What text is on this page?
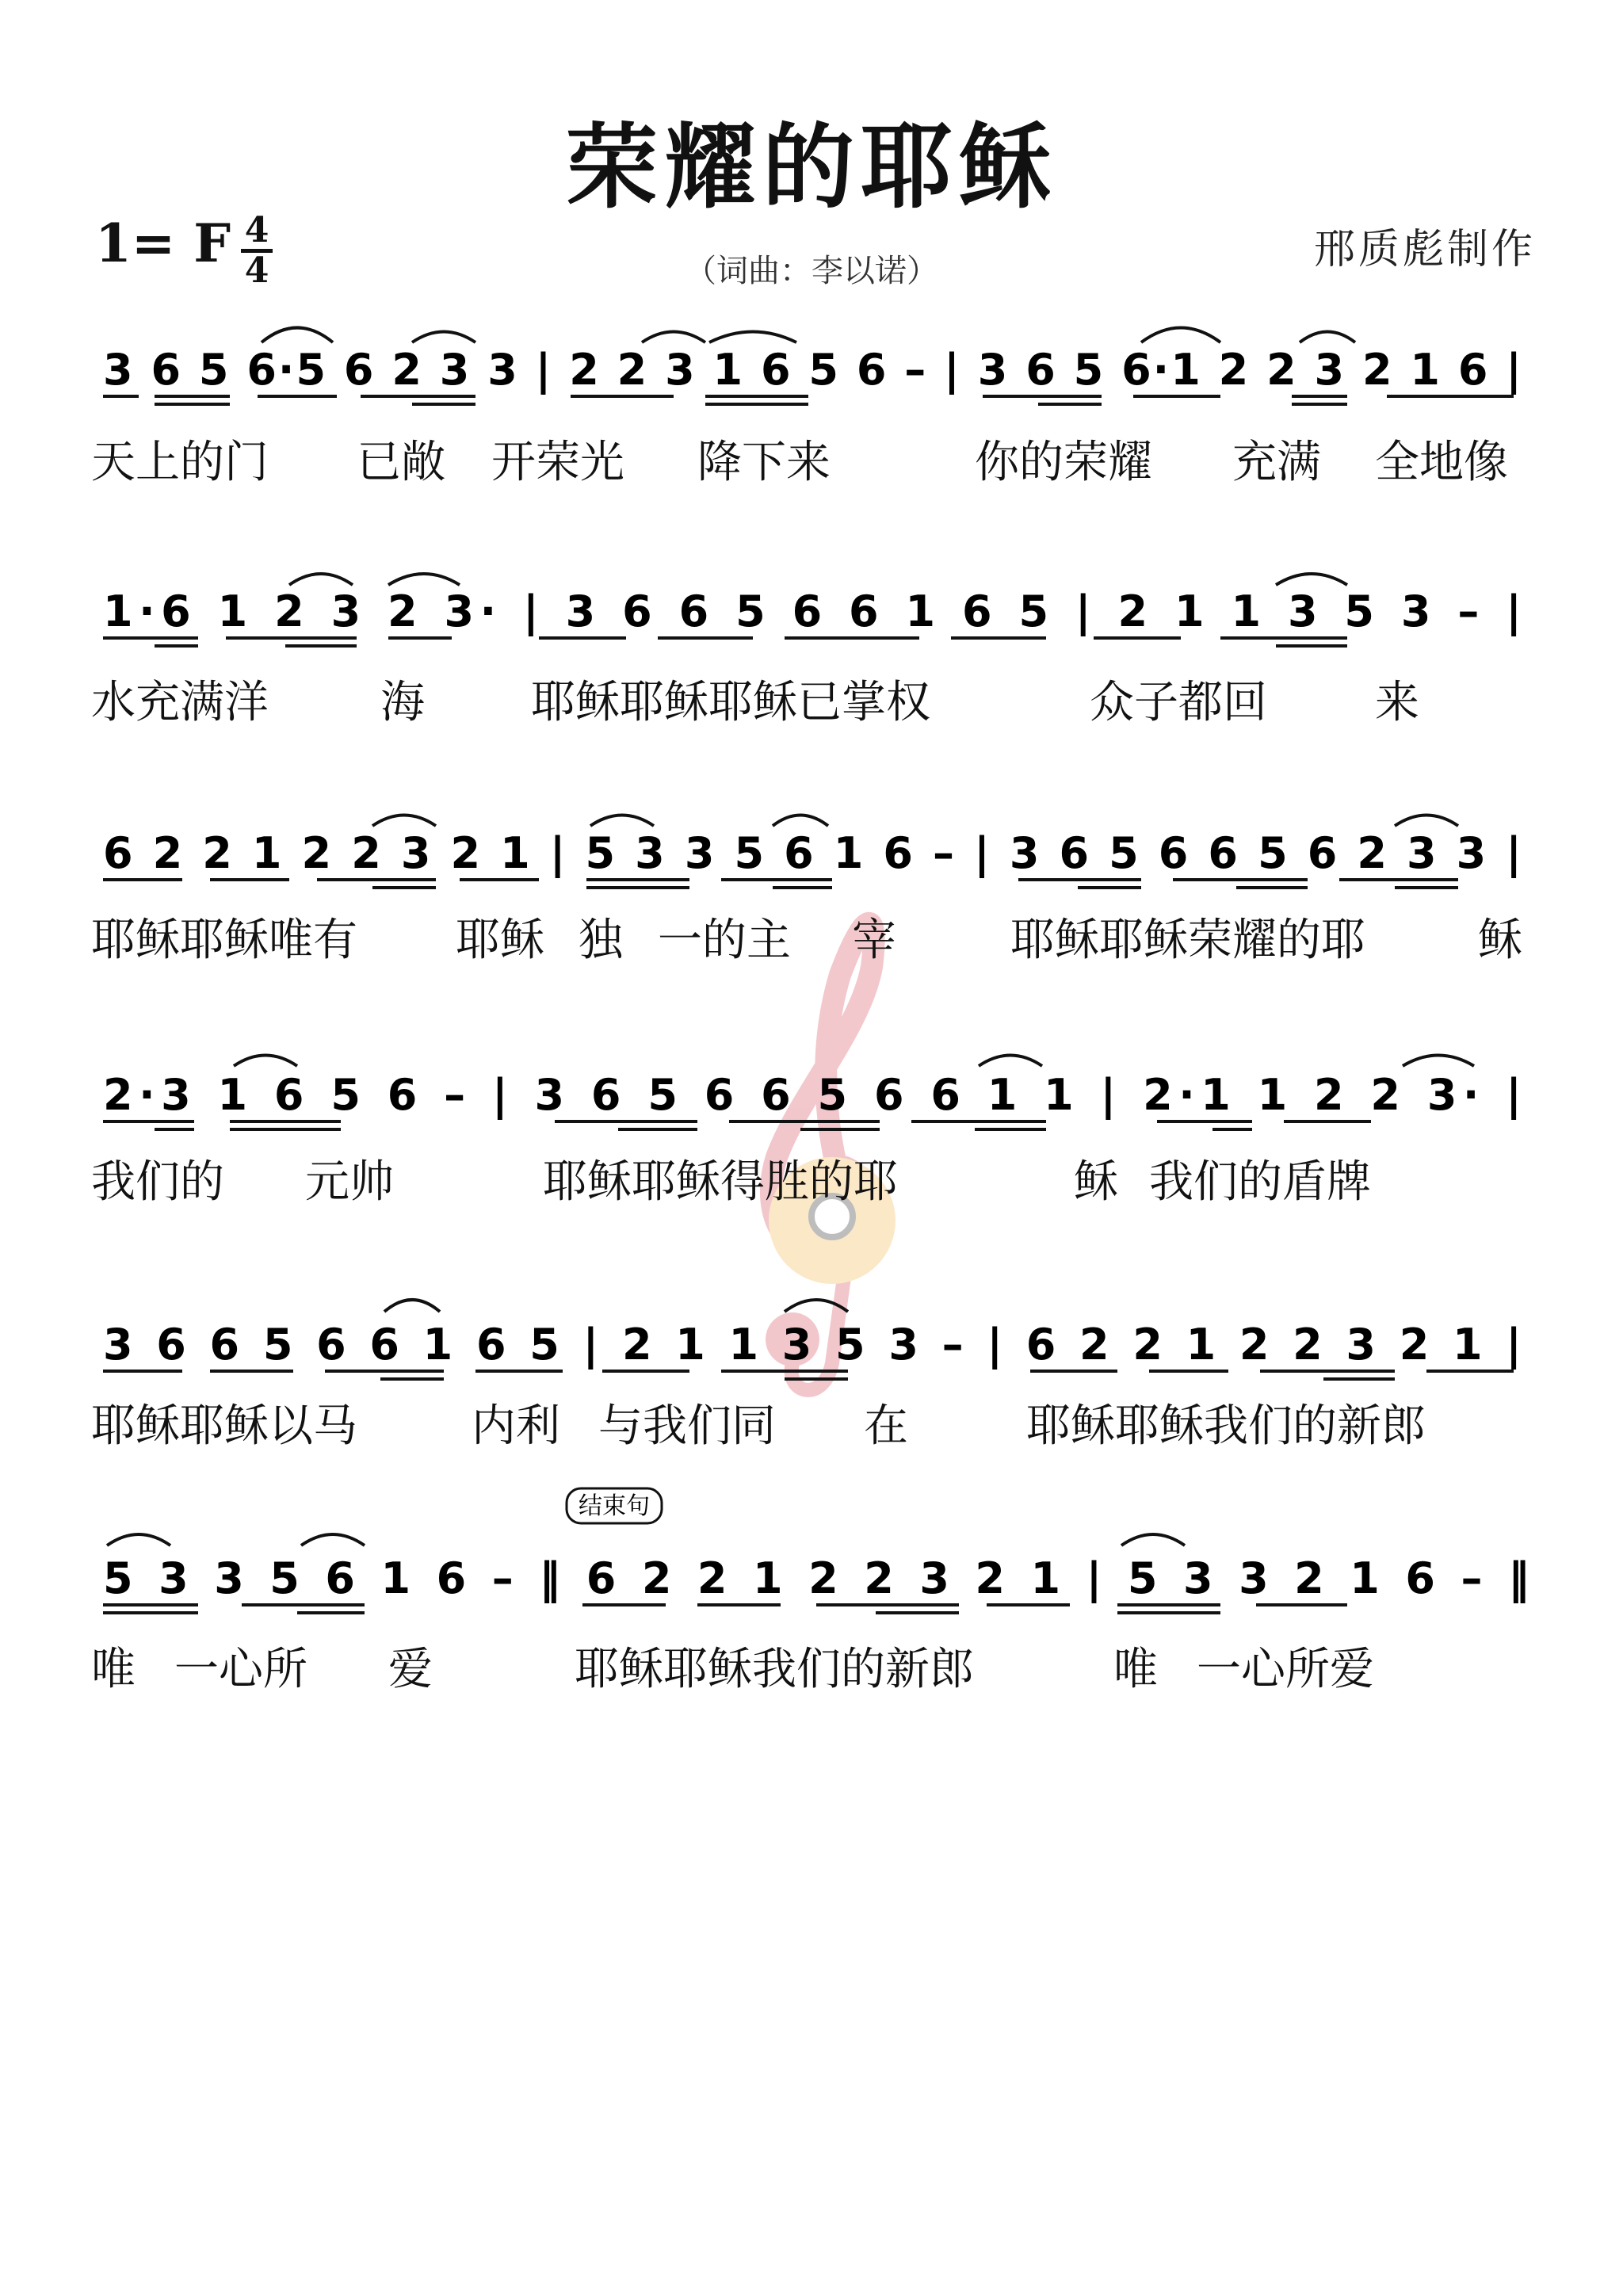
荣耀的耶稣
1= F 4
4	（词曲：李以诺）	邢质彪制作
3 6 5 6·5 6 2 3 3 | 2 2 3 1 6 5 6 – | 3 6 5 6·1 2 2 3 2 1 6 |
天上的门 已敞 开荣光 降下来	你的荣耀 充满 全地像
1·6 1 2 3 2 3· | 3 6 6 5 6 6 1 6 5 | 2 1 1 3 5 3 – |
水充满洋	海 耶稣耶稣耶稣已掌权	众子都回 来
6 2 2 1 2 2 3 2 1 | 5 3 3 5 6 1 6 – | 3 6 5 6 6 5 6 2 3 3 |
耶稣耶稣唯有 耶稣 独 一的主 宰	耶稣耶稣荣耀的耶	稣
2·3 1 6 5 6 – | 3 6 5 6 6 5 6 6 1 1 | 2·1 1 2 2 3· |
我们的 元帅	耶稣耶稣得胜的耶	稣 我们的盾牌
3 6 6 5 6 6 1 6 5 | 2 1 1 3 5 3 – | 6 2 2 1 2 2 3 2 1 |
耶稣耶稣以马	内利 与我们同 在	耶稣耶稣我们的新郎
结束句
5 3 3 5 6 1 6 – ‖ 6 2 2 1 2 2 3 2 1 | 5 3 3 2 1 6 – ‖
唯 一心所 爱	耶稣耶稣我们的新郎	唯 一心所爱
